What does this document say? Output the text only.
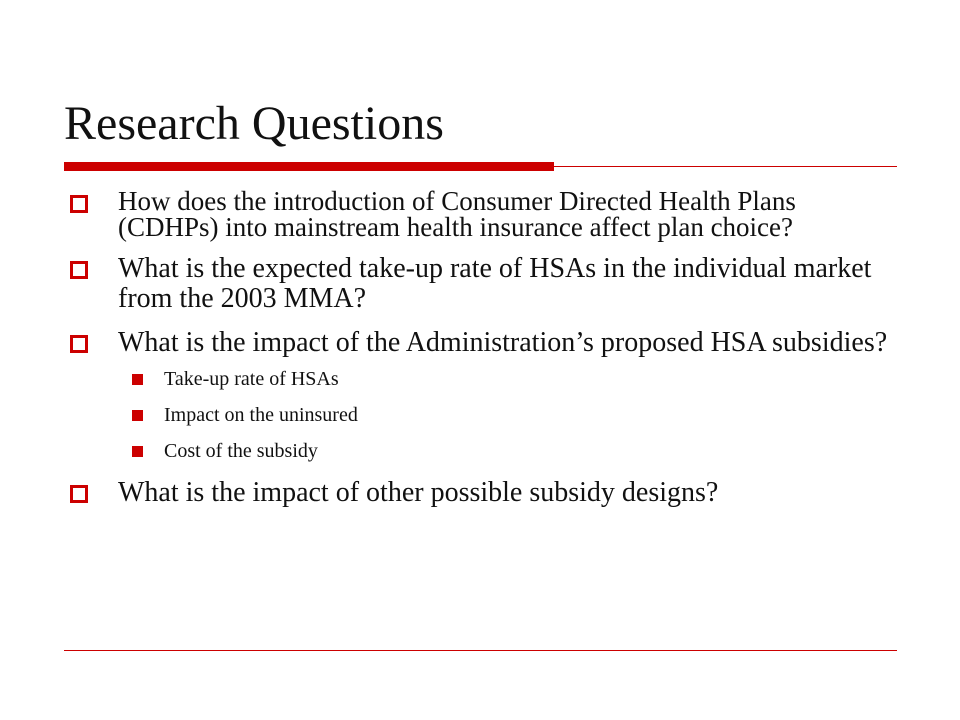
Research Questions
How does the introduction of Consumer Directed Health Plans (CDHPs) into mainstream health insurance affect plan choice?
What is the expected take-up rate of HSAs in the individual market from the 2003 MMA?
What is the impact of the Administration’s proposed HSA subsidies?
Take-up rate of HSAs
Impact on the uninsured
Cost of the subsidy
What is the impact of other possible subsidy designs?
